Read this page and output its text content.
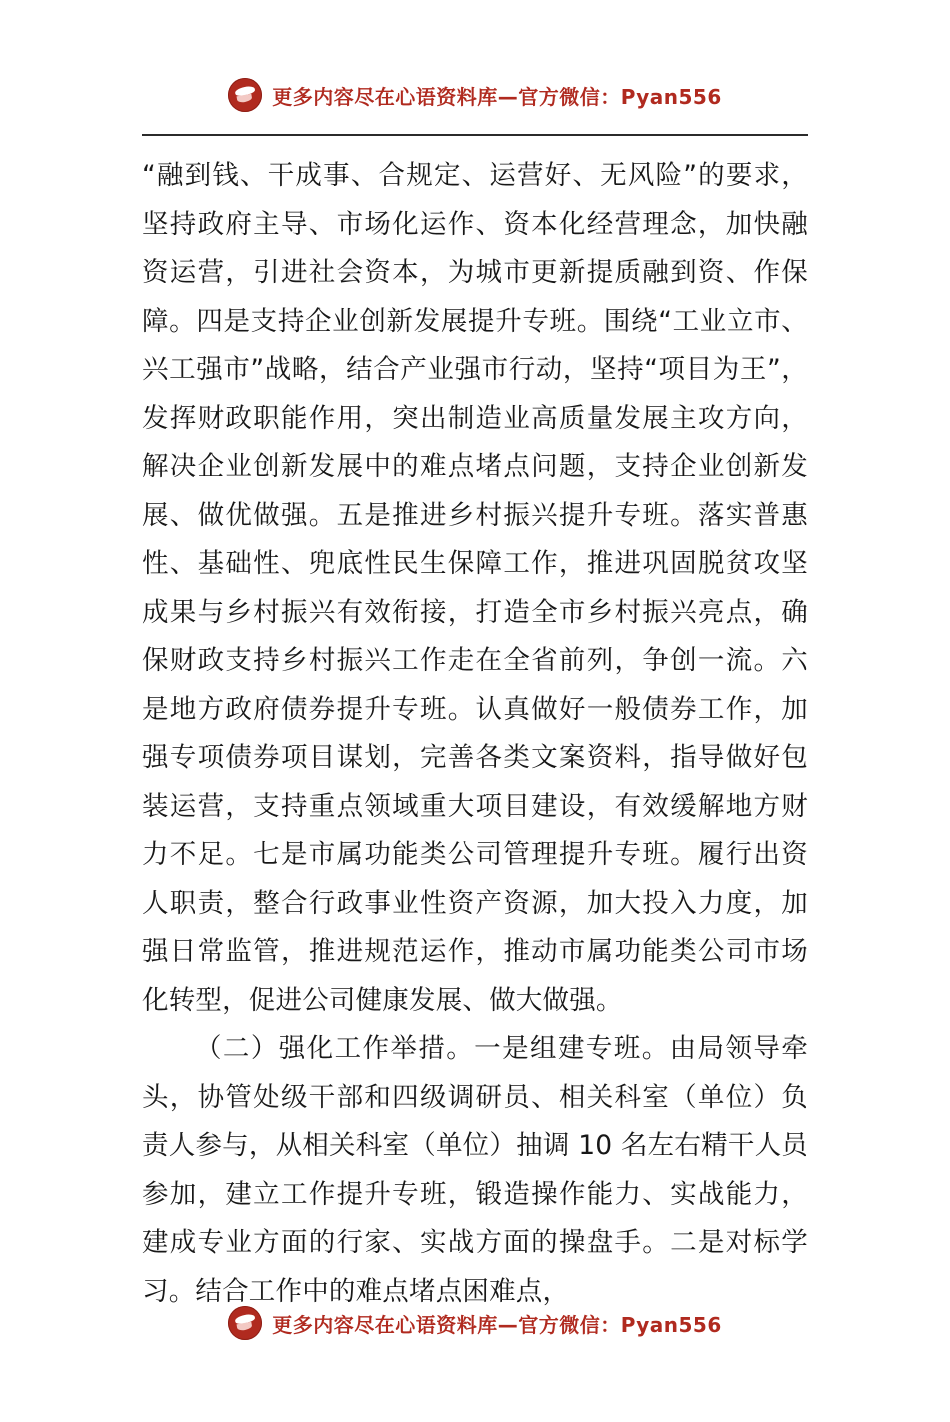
更多内容尽在心语资料库—官方微信：Pyan556

“融到钱、干成事、合规定、运营好、无风险”的要求，坚持政府主导、市场化运作、资本化经营理念，加快融资运营，引进社会资本，为城市更新提质融到资、作保障。四是支持企业创新发展提升专班。围绕“工业立市、兴工强市”战略，结合产业强市行动，坚持“项目为王”，发挥财政职能作用，突出制造业高质量发展主攻方向，解决企业创新发展中的难点堵点问题，支持企业创新发展、做优做强。五是推进乡村振兴提升专班。落实普惠性、基础性、兜底性民生保障工作，推进巩固脱贫攻坚成果与乡村振兴有效衔接，打造全市乡村振兴亮点，确保财政支持乡村振兴工作走在全省前列，争创一流。六是地方政府债券提升专班。认真做好一般债券工作，加强专项债券项目谋划，完善各类文案资料，指导做好包装运营，支持重点领域重大项目建设，有效缓解地方财力不足。七是市属功能类公司管理提升专班。履行出资人职责，整合行政事业性资产资源，加大投入力度，加强日常监管，推进规范运作，推动市属功能类公司市场化转型，促进公司健康发展、做大做强。

（二）强化工作举措。一是组建专班。由局领导牵头，协管处级干部和四级调研员、相关科室（单位）负责人参与，从相关科室（单位）抽调 10 名左右精干人员参加，建立工作提升专班，锻造操作能力、实战能力，建成专业方面的行家、实战方面的操盘手。二是对标学习。结合工作中的难点堵点困难点，

更多内容尽在心语资料库—官方微信：Pyan556
